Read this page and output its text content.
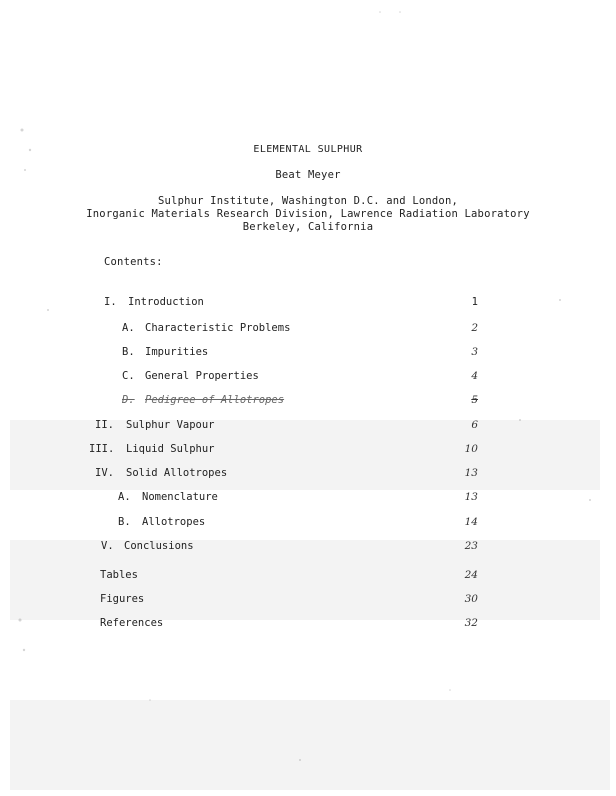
ELEMENTAL SULPHUR
Beat Meyer
Sulphur Institute, Washington D.C. and London,
Inorganic Materials Research Division, Lawrence Radiation Laboratory
Berkeley, California
Contents:
I. Introduction	1
A. Characteristic Problems	2
B. Impurities	3
C. General Properties	4
D. Pedigree of Allotropes	5
II. Sulphur Vapour	6
III. Liquid Sulphur	10
IV. Solid Allotropes	13
A. Nomenclature	13
B. Allotropes	14
V. Conclusions	23
Tables	24
Figures	30
References	32
